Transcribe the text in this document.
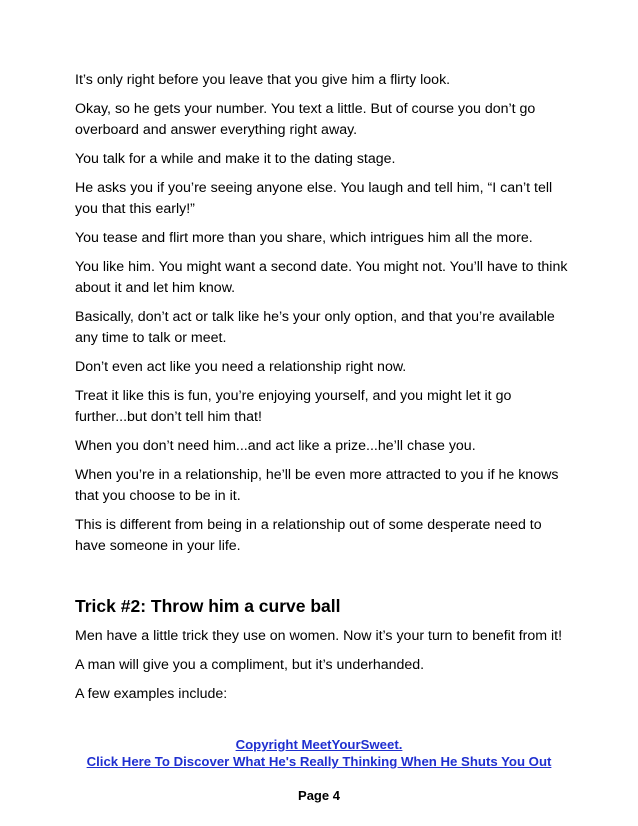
It’s only right before you leave that you give him a flirty look.

Okay, so he gets your number. You text a little. But of course you don’t go overboard and answer everything right away.

You talk for a while and make it to the dating stage.

He asks you if you’re seeing anyone else. You laugh and tell him, “I can’t tell you that this early!”

You tease and flirt more than you share, which intrigues him all the more.

You like him. You might want a second date. You might not. You’ll have to think about it and let him know.

Basically, don’t act or talk like he’s your only option, and that you’re available any time to talk or meet.

Don’t even act like you need a relationship right now.

Treat it like this is fun, you’re enjoying yourself, and you might let it go further...but don’t tell him that!

When you don’t need him...and act like a prize...he’ll chase you.

When you’re in a relationship, he’ll be even more attracted to you if he knows that you choose to be in it.

This is different from being in a relationship out of some desperate need to have someone in your life.

Trick #2: Throw him a curve ball

Men have a little trick they use on women. Now it’s your turn to benefit from it!

A man will give you a compliment, but it’s underhanded.

A few examples include:

Copyright MeetYourSweet.
Click Here To Discover What He's Really Thinking When He Shuts You Out
Page 4
